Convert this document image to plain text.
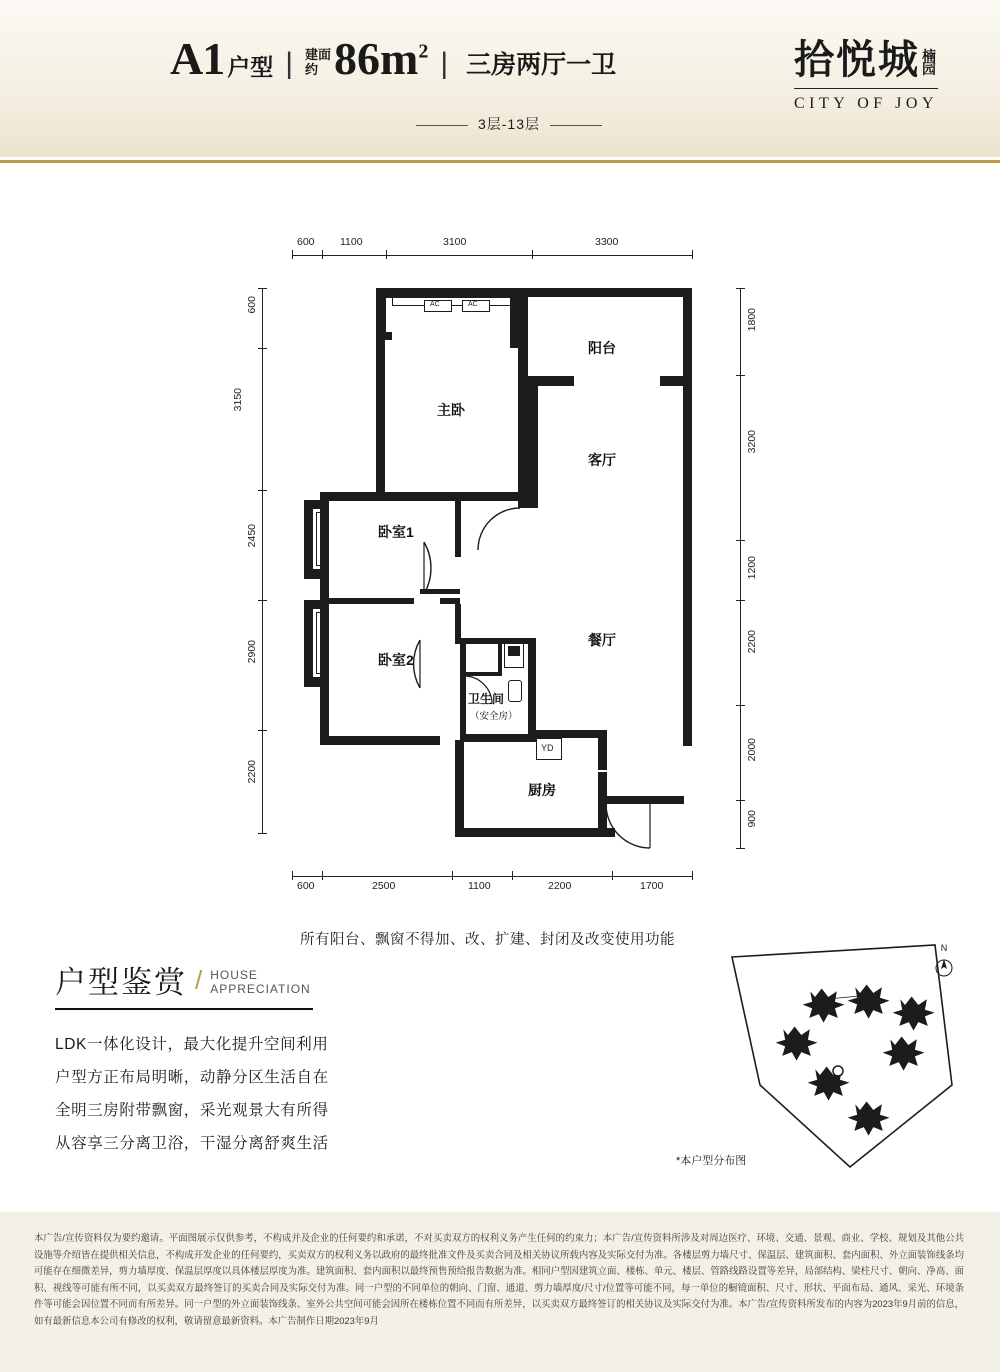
A1 户型 | 建面
约 $86m^2$ | 三房两厅一卫
3层-13层
拾悦城 楠
园
CITY OF JOY
600 1100	3100	3300
600
3150
2450
2900
2200
1800
3200
1200
2200
2000
900
600	2500	1100	2200	1700
AC	AC
YD
主卧
阳台
客厅
卧室1
餐厅
卧室2
卫生间
（安全房）
厨房
所有阳台、飘窗不得加、改、扩建、封闭及改变使用功能
户型鉴赏 / HOUSE
APPRECIATION
LDK一体化设计，最大化提升空间利用
户型方正布局明晰，动静分区生活自在
全明三房附带飘窗，采光观景大有所得
从容享三分离卫浴，干湿分离舒爽生活
N
*本户型分布图
本广告/宣传资料仅为要约邀请。平面图展示仅供参考，不构成并及企业的任何要约和承诺，不对买卖双方的权利义务产生任何的约束力；本广告/宣传资料所涉及对周边医疗、环境、交通、景观、商业、学校、规划及其他公共设施等介绍皆在提供相关信息，不构成开发企业的任何要约，买卖双方的权利义务以政府的最终批准文件及买卖合同及相关协议所载内容及实际交付为准。各楼层剪力墙尺寸、保温层、建筑面积、套内面积、外立面装饰线条均可能存在细微差异，剪力墙厚度、保温层厚度以具体楼层厚度为准。建筑面积、套内面积以最终预售预给报告数据为准。相同户型因建筑立面、楼栋、单元、楼层、管路线路设置等差异，局部结构、梁柱尺寸、朝向、净高、面积、视线等可能有所不同，以买卖双方最终签订的买卖合同及实际交付为准。同一户型的不同单位的朝向、门窗、通道、剪力墙厚度/尺寸/位置等可能不同，每一单位的橱镜面积、尺寸、形状、平面布局、通风、采光、环境条件等可能会因位置不同而有所差异。同一户型的外立面装饰线条、室外公共空间可能会因所在楼栋位置不同而有所差异，以买卖双方最终签订的相关协议及实际交付为准。本广告/宣传资料所发布的内容为2023年9月前的信息，如有最新信息本公司有修改的权利，敬请留意最新资料。本广告制作日期2023年9月
